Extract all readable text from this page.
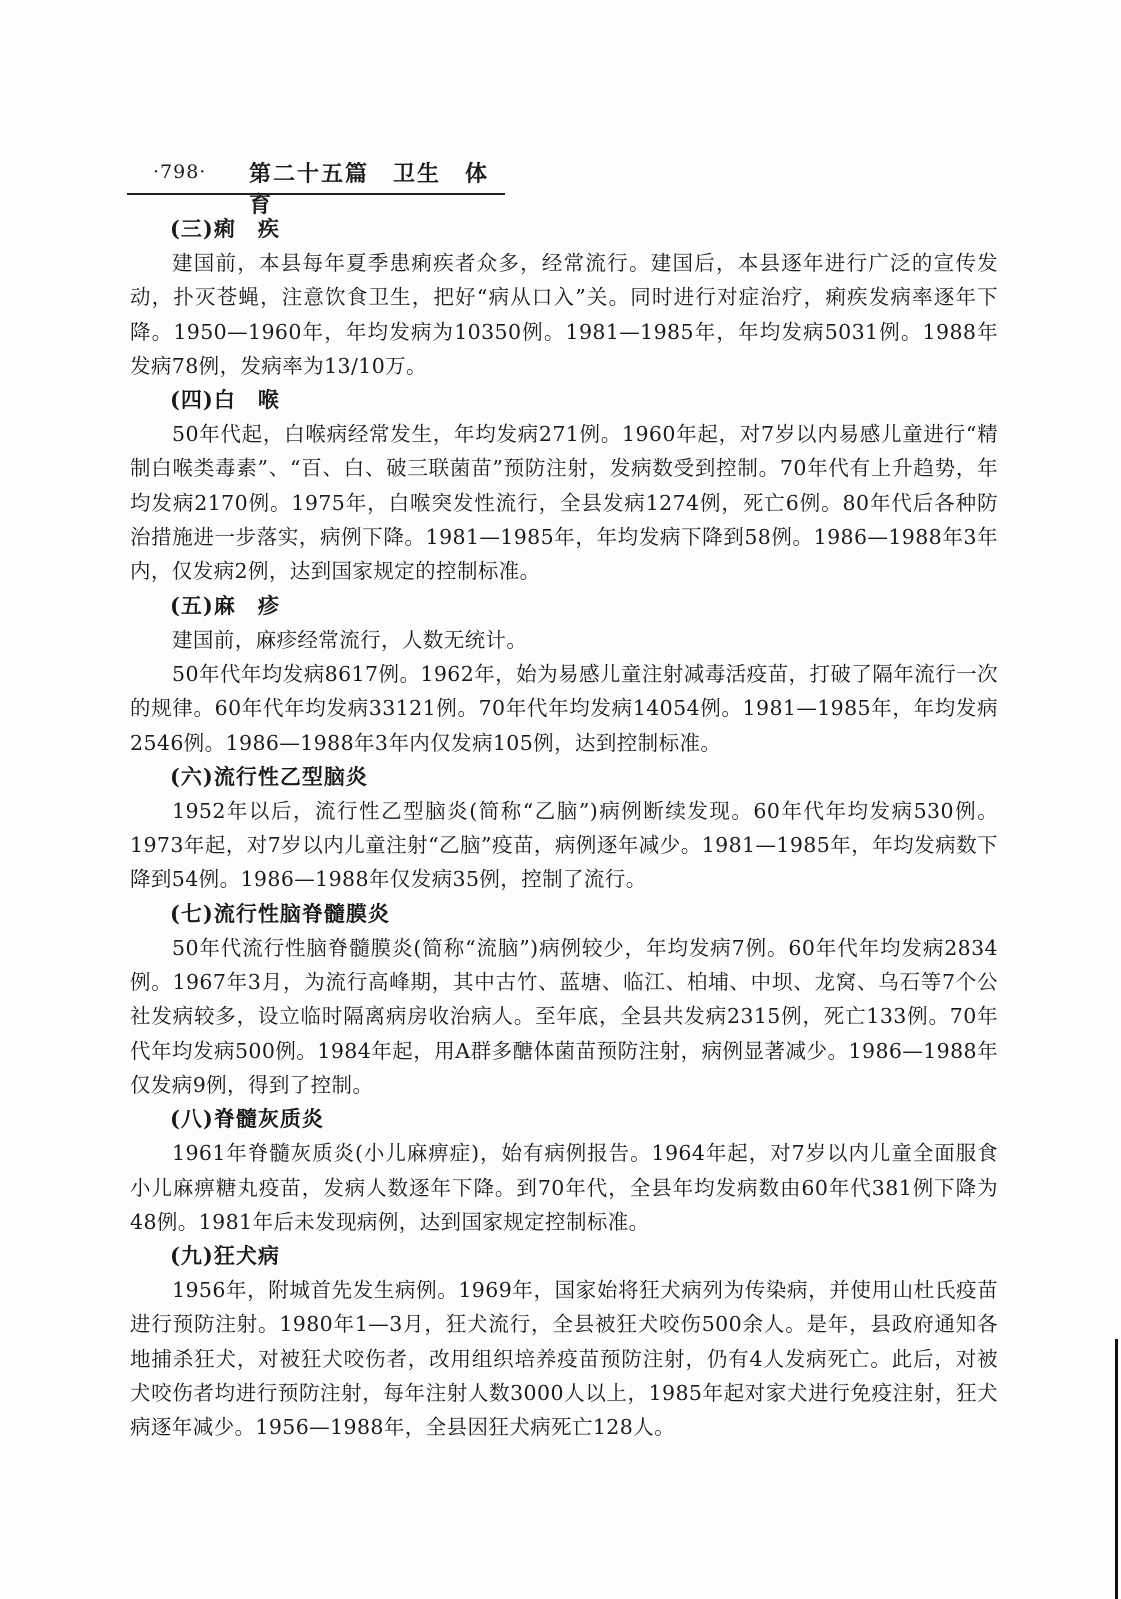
·798· 第二十五篇　卫生　体育
(三)痢　疾

建国前，本县每年夏季患痢疾者众多，经常流行。建国后，本县逐年进行广泛的宣传发动，扑灭苍蝇，注意饮食卫生，把好“病从口入”关。同时进行对症治疗，痢疾发病率逐年下降。1950—1960年，年均发病为10350例。1981—1985年，年均发病5031例。1988年发病78例，发病率为13/10万。

(四)白　喉

50年代起，白喉病经常发生，年均发病271例。1960年起，对7岁以内易感儿童进行“精制白喉类毒素”、“百、白、破三联菌苗”预防注射，发病数受到控制。70年代有上升趋势，年均发病2170例。1975年，白喉突发性流行，全县发病1274例，死亡6例。80年代后各种防治措施进一步落实，病例下降。1981—1985年，年均发病下降到58例。1986—1988年3年内，仅发病2例，达到国家规定的控制标准。

(五)麻　疹

建国前，麻疹经常流行，人数无统计。

50年代年均发病8617例。1962年，始为易感儿童注射减毒活疫苗，打破了隔年流行一次的规律。60年代年均发病33121例。70年代年均发病14054例。1981—1985年，年均发病2546例。1986—1988年3年内仅发病105例，达到控制标准。

(六)流行性乙型脑炎

1952年以后，流行性乙型脑炎(简称“乙脑”)病例断续发现。60年代年均发病530例。1973年起，对7岁以内儿童注射“乙脑”疫苗，病例逐年减少。1981—1985年，年均发病数下降到54例。1986—1988年仅发病35例，控制了流行。

(七)流行性脑脊髓膜炎

50年代流行性脑脊髓膜炎(简称“流脑”)病例较少，年均发病7例。60年代年均发病2834例。1967年3月，为流行高峰期，其中古竹、蓝塘、临江、柏埔、中坝、龙窝、乌石等7个公社发病较多，设立临时隔离病房收治病人。至年底，全县共发病2315例，死亡133例。70年代年均发病500例。1984年起，用A群多醣体菌苗预防注射，病例显著减少。1986—1988年仅发病9例，得到了控制。

(八)脊髓灰质炎

1961年脊髓灰质炎(小儿麻痹症)，始有病例报告。1964年起，对7岁以内儿童全面服食小儿麻痹糖丸疫苗，发病人数逐年下降。到70年代，全县年均发病数由60年代381例下降为48例。1981年后未发现病例，达到国家规定控制标准。

(九)狂犬病

1956年，附城首先发生病例。1969年，国家始将狂犬病列为传染病，并使用山杜氏疫苗进行预防注射。1980年1—3月，狂犬流行，全县被狂犬咬伤500余人。是年，县政府通知各地捕杀狂犬，对被狂犬咬伤者，改用组织培养疫苗预防注射，仍有4人发病死亡。此后，对被犬咬伤者均进行预防注射，每年注射人数3000人以上，1985年起对家犬进行免疫注射，狂犬病逐年减少。1956—1988年，全县因狂犬病死亡128人。
